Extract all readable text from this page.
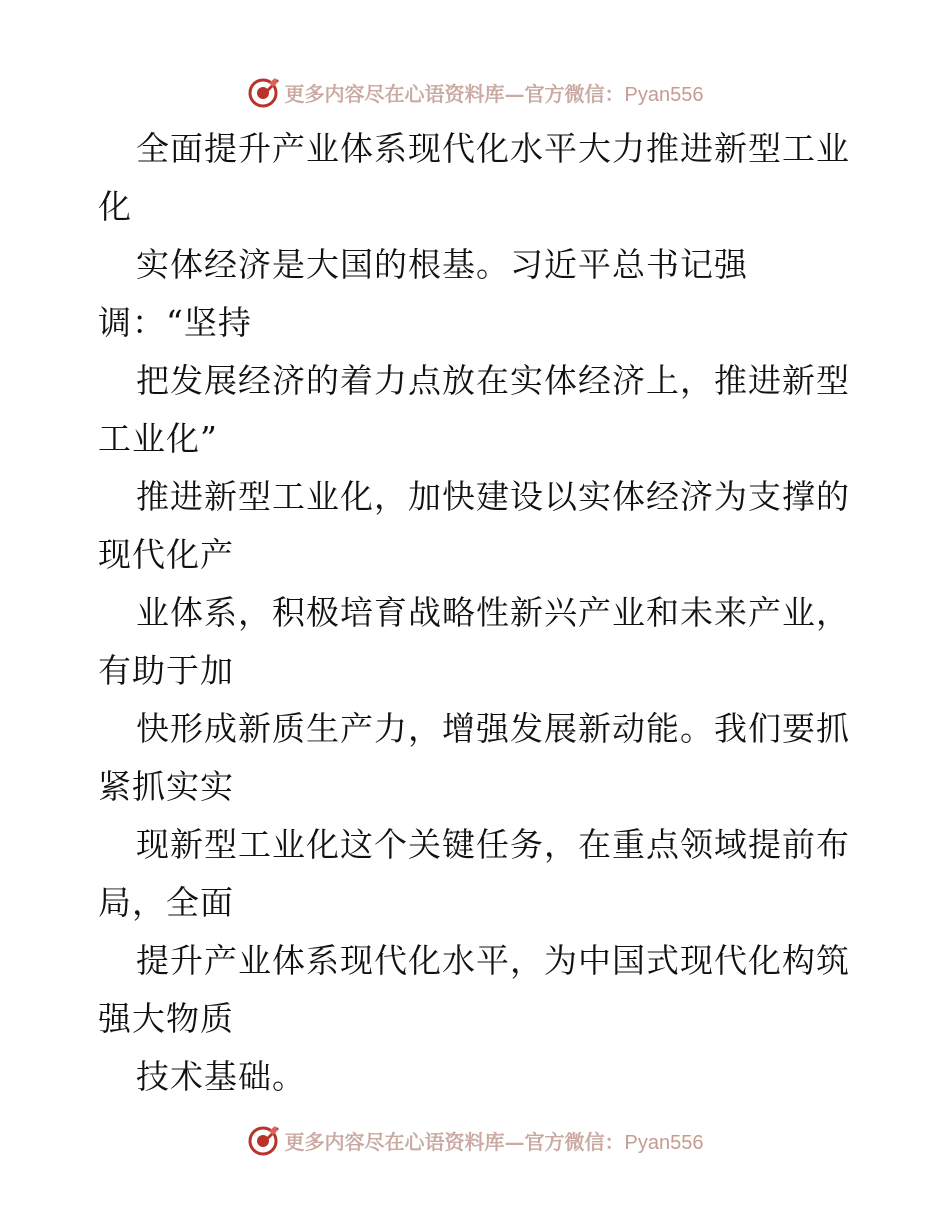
更多内容尽在心语资料库—官方微信：Pyan556
全面提升产业体系现代化水平大力推进新型工业
化
实体经济是大国的根基。习近平总书记强
调：“坚持
把发展经济的着力点放在实体经济上，推进新型
工业化”
推进新型工业化，加快建设以实体经济为支撑的
现代化产
业体系，积极培育战略性新兴产业和未来产业，
有助于加
快形成新质生产力，增强发展新动能。我们要抓
紧抓实实
现新型工业化这个关键任务，在重点领域提前布
局，全面
提升产业体系现代化水平，为中国式现代化构筑
强大物质
技术基础。
更多内容尽在心语资料库—官方微信：Pyan556
